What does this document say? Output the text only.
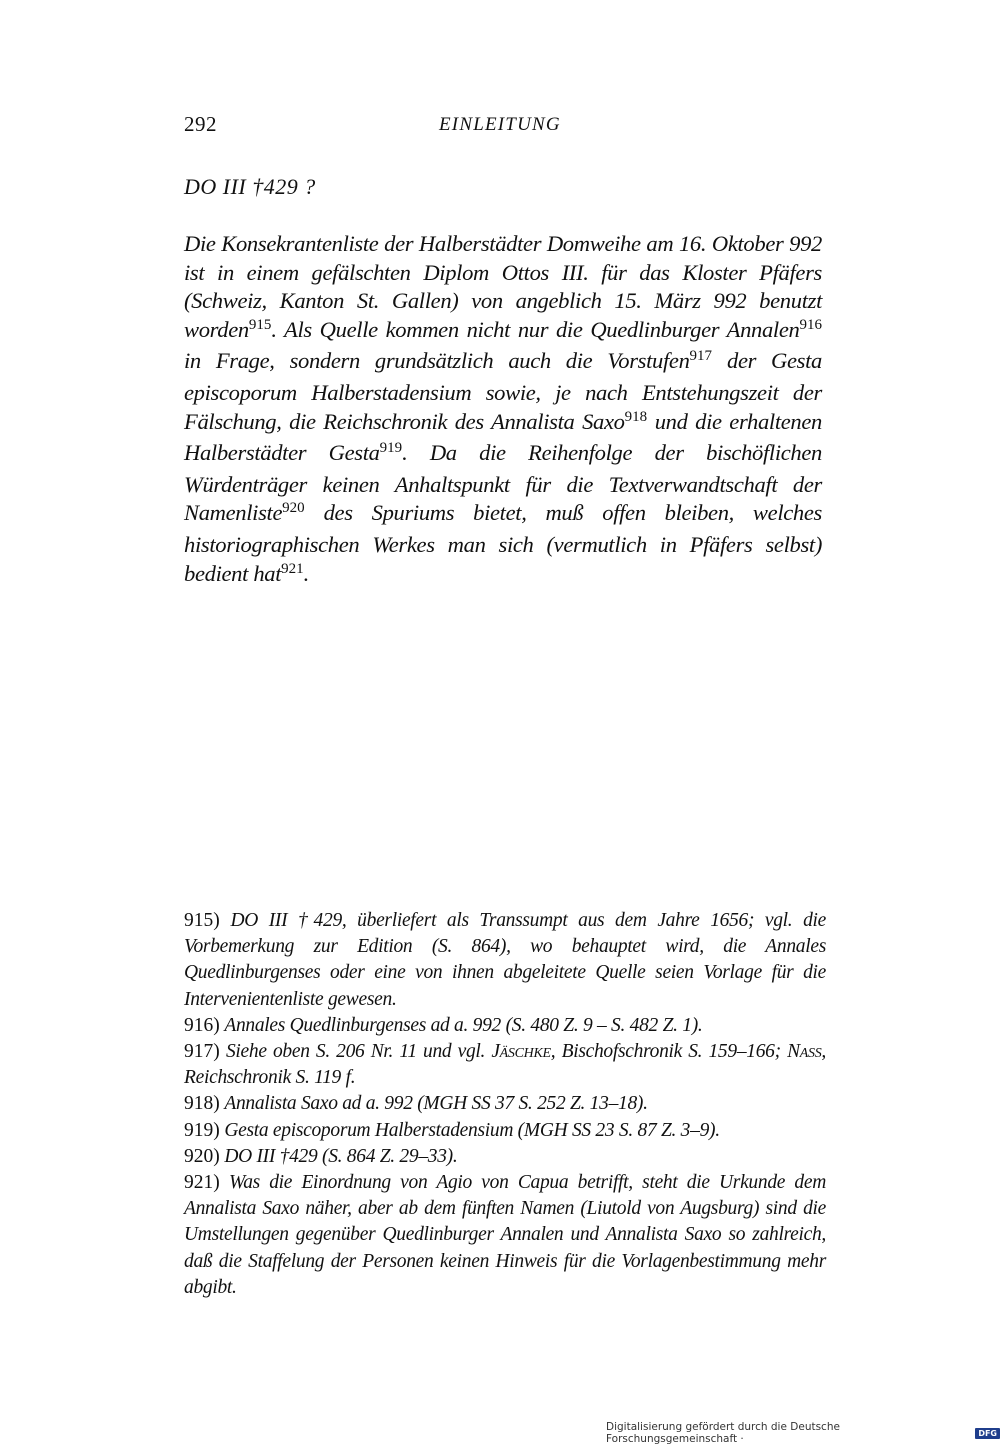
292	EINLEITUNG
DO III †429 ?

Die Konsekrantenliste der Halberstädter Domweihe am 16. Oktober 992 ist in einem gefälschten Diplom Ottos III. für das Kloster Pfäfers (Schweiz, Kanton St. Gallen) von angeblich 15. März 992 benutzt worden$^{915}$. Als Quelle kommen nicht nur die Quedlinburger Annalen$^{916}$ in Frage, sondern grundsätzlich auch die Vorstufen$^{917}$ der Gesta episcoporum Halberstadensium sowie, je nach Entstehungszeit der Fälschung, die Reichschronik des Annalista Saxo$^{918}$ und die erhaltenen Halberstädter Gesta$^{919}$. Da die Reihenfolge der bischöflichen Würdenträger keinen Anhaltspunkt für die Textverwandtschaft der Namenliste$^{920}$ des Spuriums bietet, muß offen bleiben, welches historiographischen Werkes man sich (vermutlich in Pfäfers selbst) bedient hat$^{921}$.

915) DO III †429, überliefert als Transsumpt aus dem Jahre 1656; vgl. die Vorbemerkung zur Edition (S. 864), wo behauptet wird, die Annales Quedlinburgenses oder eine von ihnen abgeleitete Quelle seien Vorlage für die Intervenientenliste gewesen.

916) Annales Quedlinburgenses ad a. 992 (S. 480 Z. 9 – S. 482 Z. 1).

917) Siehe oben S. 206 Nr. 11 und vgl. Jäschke, Bischofschronik S. 159–166; Nass, Reichschronik S. 119 f.

918) Annalista Saxo ad a. 992 (MGH SS 37 S. 252 Z. 13–18).

919) Gesta episcoporum Halberstadensium (MGH SS 23 S. 87 Z. 3–9).

920) DO III †429 (S. 864 Z. 29–33).

921) Was die Einordnung von Agio von Capua betrifft, steht die Urkunde dem Annalista Saxo näher, aber ab dem fünften Namen (Liutold von Augsburg) sind die Umstellungen gegenüber Quedlinburger Annalen und Annalista Saxo so zahlreich, daß die Staffelung der Personen keinen Hinweis für die Vorlagenbestimmung mehr abgibt.

Digitalisierung gefördert durch die Deutsche Forschungsgemeinschaft ·	DFG
